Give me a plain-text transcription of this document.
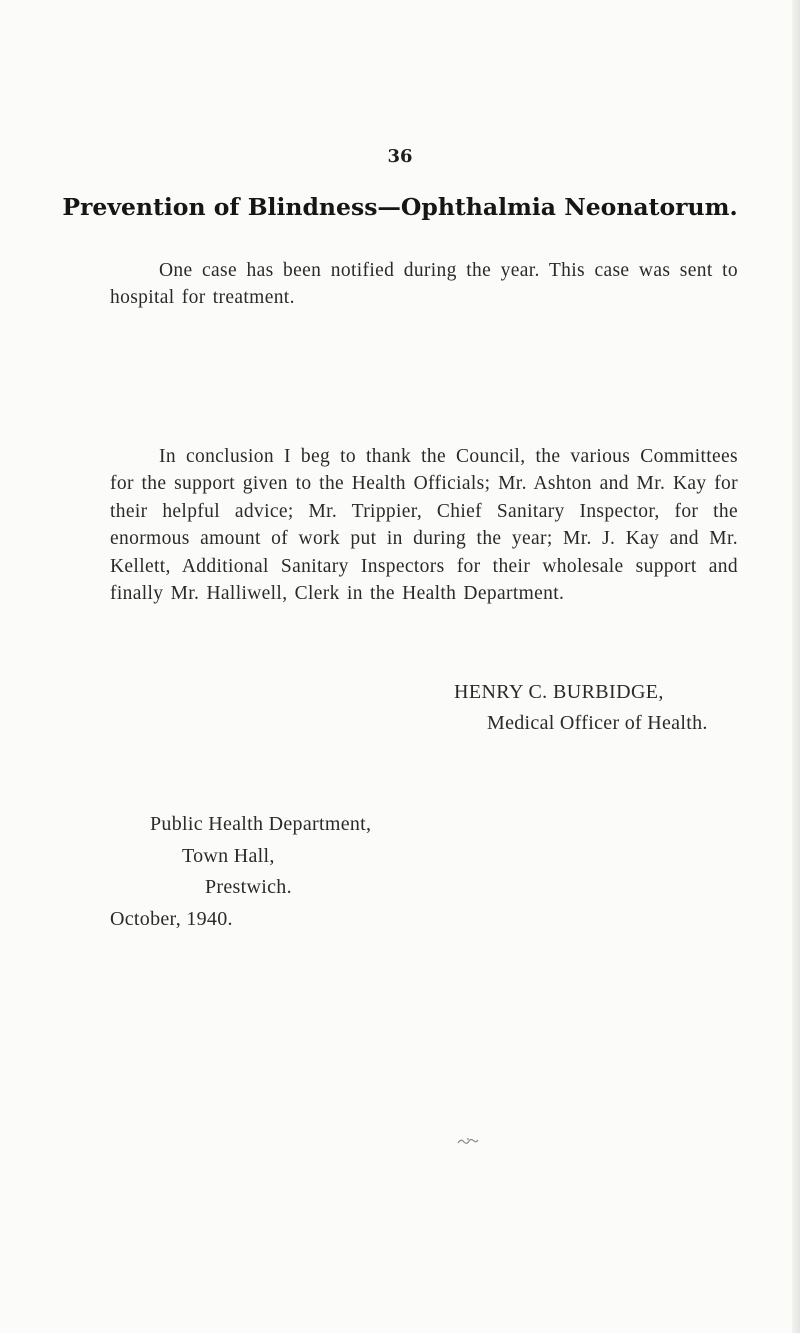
36
Prevention of Blindness—Ophthalmia Neonatorum.

One case has been notified during the year. This case was sent to hospital for treatment.

In conclusion I beg to thank the Council, the various Committees for the support given to the Health Officials; Mr. Ashton and Mr. Kay for their helpful advice; Mr. Trippier, Chief Sanitary Inspector, for the enormous amount of work put in during the year; Mr. J. Kay and Mr. Kellett, Additional Sanitary Inspectors for their wholesale support and finally Mr. Halliwell, Clerk in the Health Department.

HENRY C. BURBIDGE,
Medical Officer of Health.
Public Health Department,
Town Hall,
Prestwich.
October, 1940.
